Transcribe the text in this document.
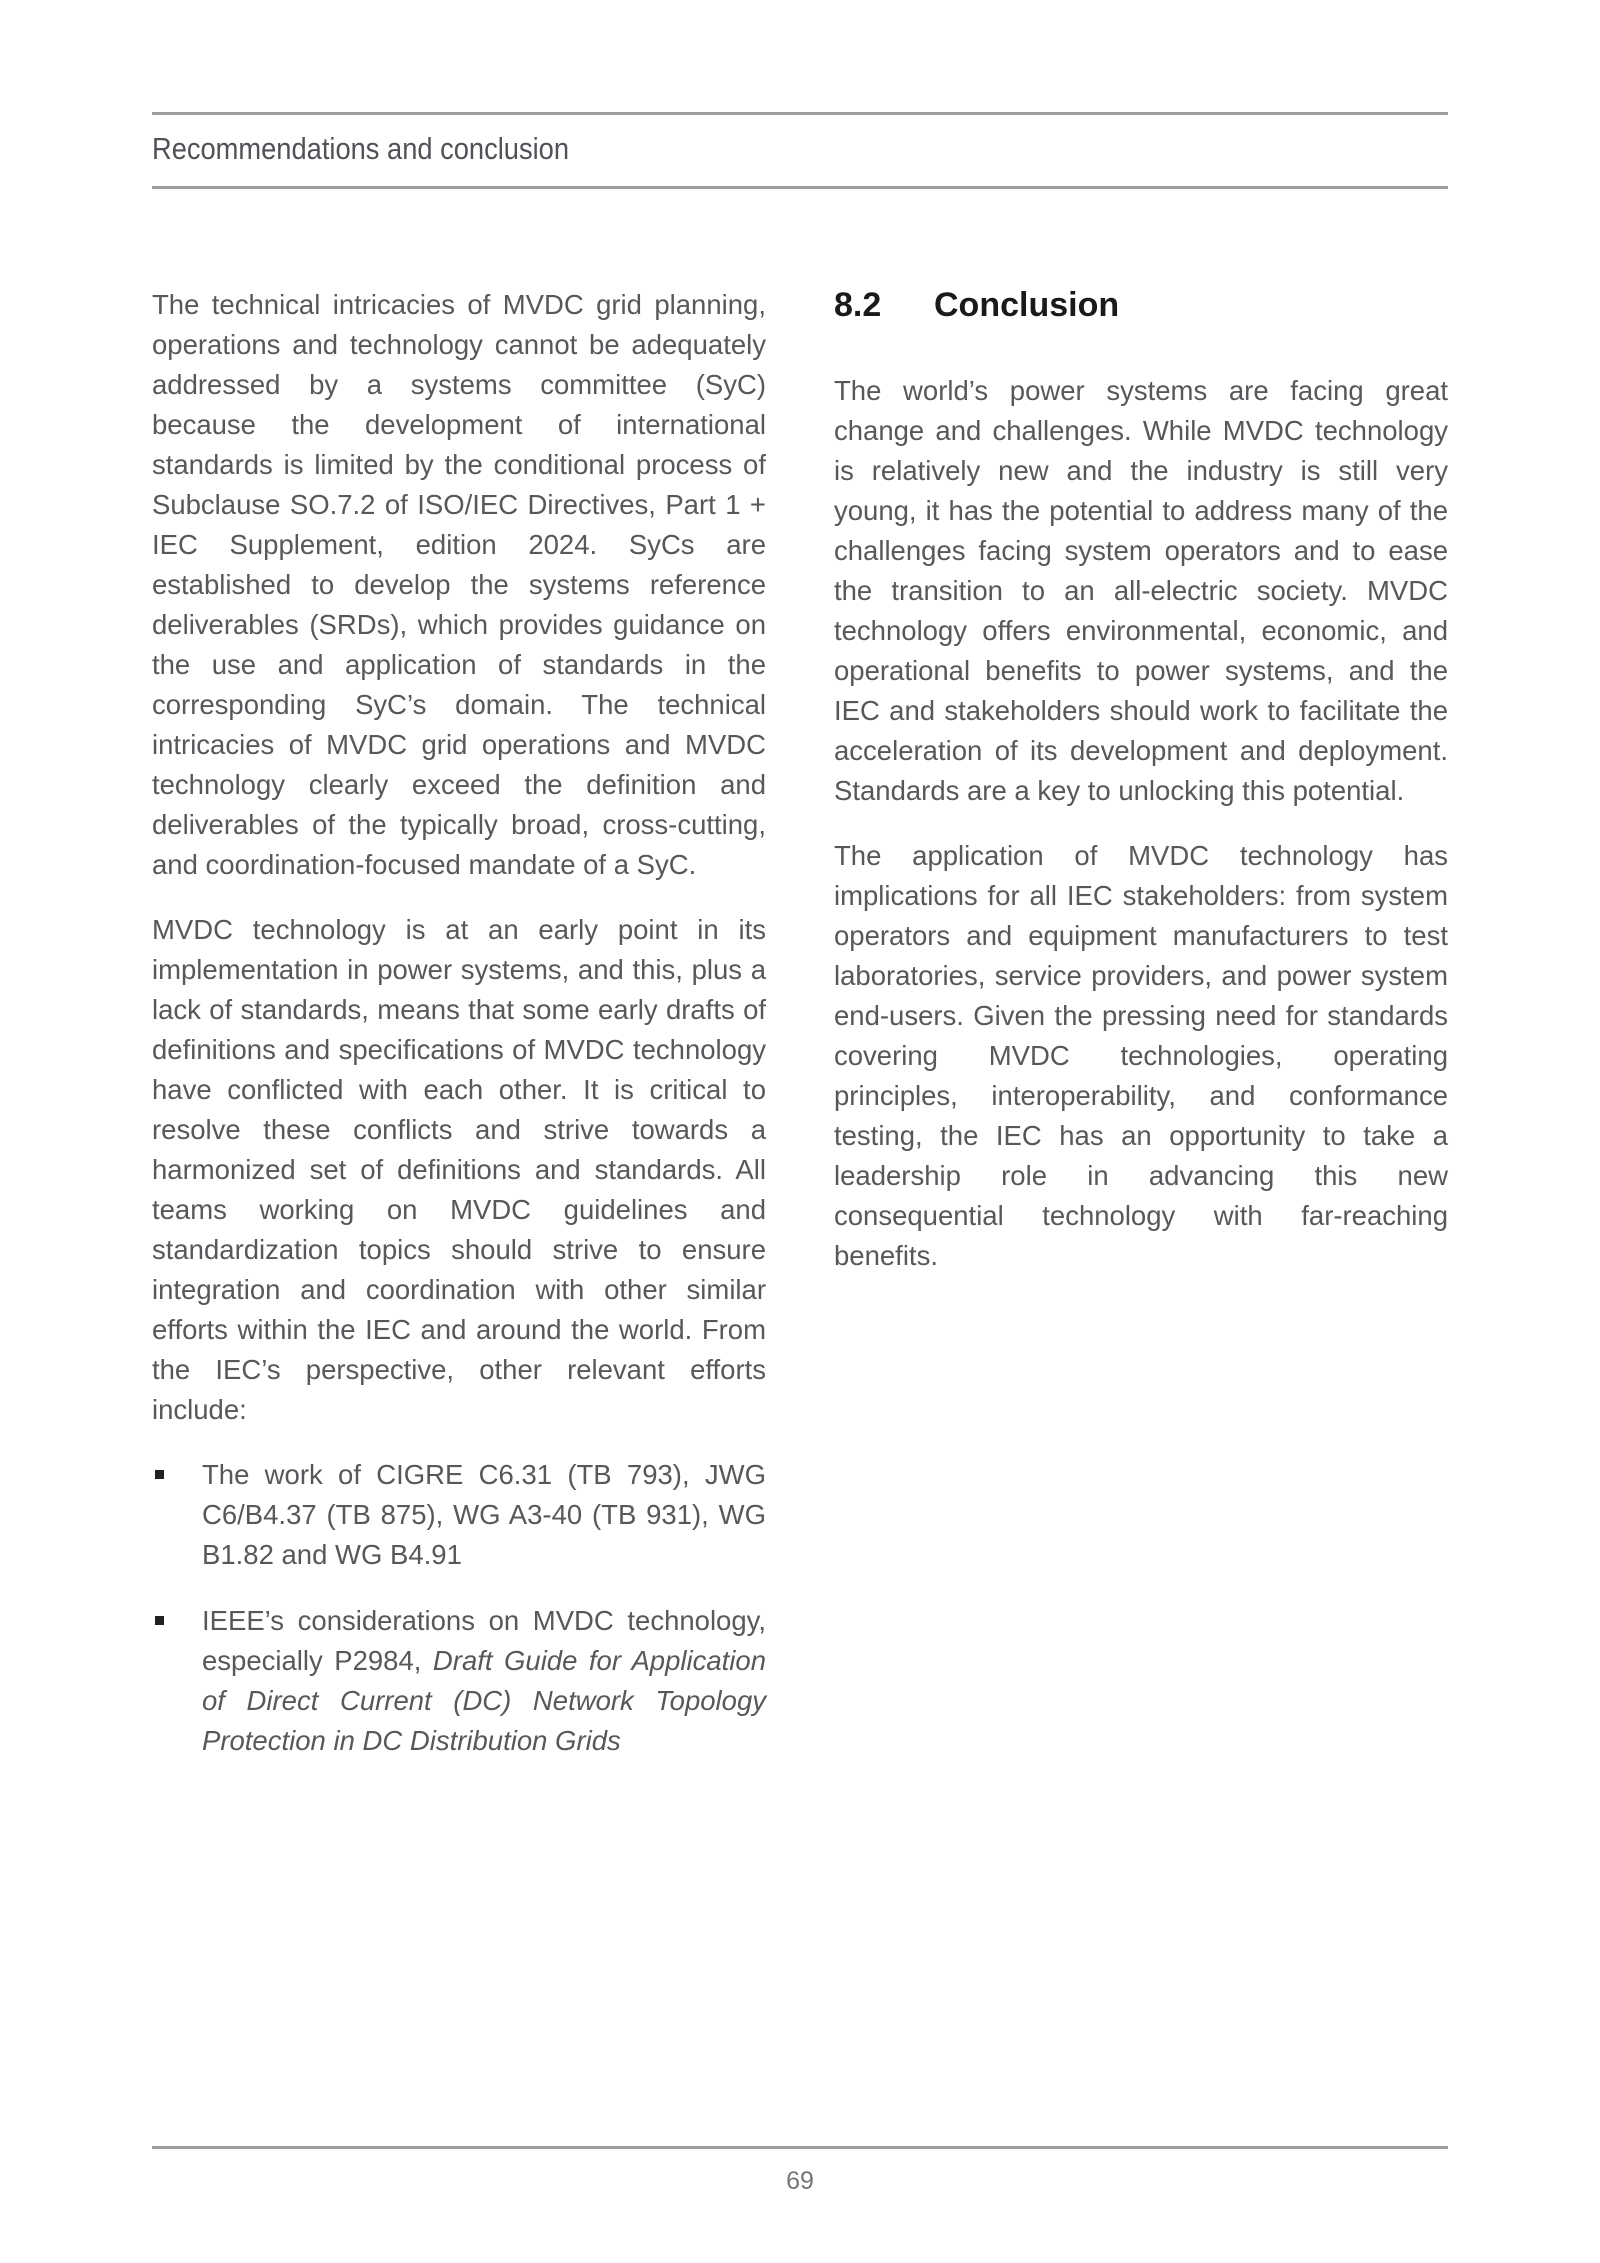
Recommendations and conclusion

The technical intricacies of MVDC grid planning, operations and technology cannot be adequately addressed by a systems committee (SyC) because the development of international standards is limited by the conditional process of Subclause SO.7.2 of ISO/IEC Directives, Part 1 + IEC Supplement, edition 2024. SyCs are established to develop the systems reference deliverables (SRDs), which provides guidance on the use and application of standards in the corresponding SyC’s domain. The technical intricacies of MVDC grid operations and MVDC technology clearly exceed the definition and deliverables of the typically broad, cross-cutting, and coordination-focused mandate of a SyC.

MVDC technology is at an early point in its implementation in power systems, and this, plus a lack of standards, means that some early drafts of definitions and specifications of MVDC technology have conflicted with each other. It is critical to resolve these conflicts and strive towards a harmonized set of definitions and standards. All teams working on MVDC guidelines and standardization topics should strive to ensure integration and coordination with other similar efforts within the IEC and around the world. From the IEC’s perspective, other relevant efforts include:

The work of CIGRE C6.31 (TB 793), JWG C6/B4.37 (TB 875), WG A3-40 (TB 931), WG B1.82 and WG B4.91
IEEE’s considerations on MVDC technology, especially P2984, Draft Guide for Application of Direct Current (DC) Network Topology Protection in DC Distribution Grids
8.2	Conclusion

The world’s power systems are facing great change and challenges. While MVDC technology is relatively new and the industry is still very young, it has the potential to address many of the challenges facing system operators and to ease the transition to an all-electric society. MVDC technology offers environmental, economic, and operational benefits to power systems, and the IEC and stakeholders should work to facilitate the acceleration of its development and deployment. Standards are a key to unlocking this potential.

The application of MVDC technology has implications for all IEC stakeholders: from system operators and equipment manufacturers to test laboratories, service providers, and power system end-users. Given the pressing need for standards covering MVDC technologies, operating principles, interoperability, and conformance testing, the IEC has an opportunity to take a leadership role in advancing this new consequential technology with far-reaching benefits.

69
